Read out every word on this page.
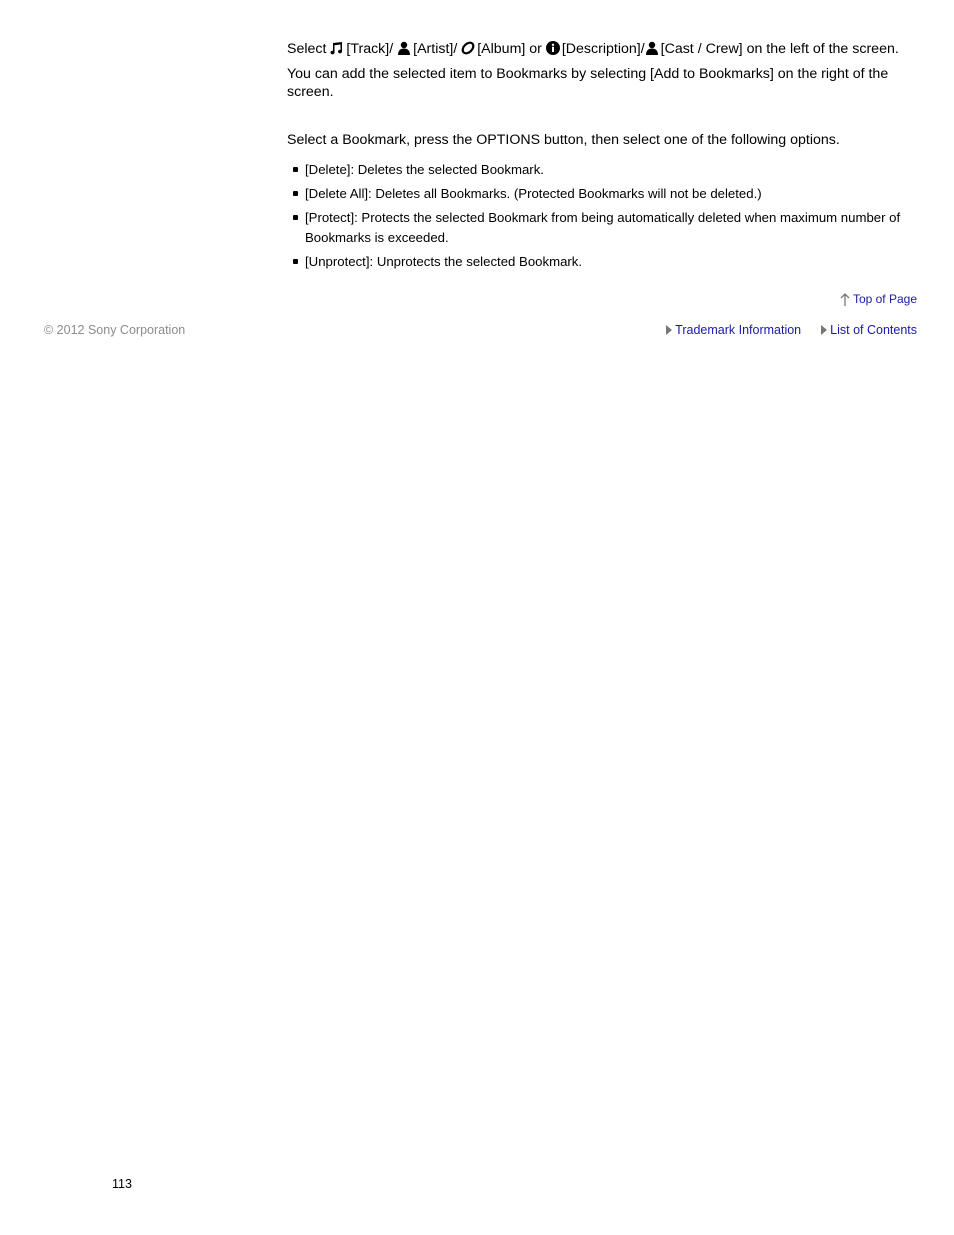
Select [Track]/ [Artist]/ [Album] or [Description]/ [Cast / Crew] on the left of the screen.

You can add the selected item to Bookmarks by selecting [Add to Bookmarks] on the right of the screen.

Select a Bookmark, press the OPTIONS button, then select one of the following options.

[Delete]: Deletes the selected Bookmark.
[Delete All]: Deletes all Bookmarks. (Protected Bookmarks will not be deleted.)
[Protect]: Protects the selected Bookmark from being automatically deleted when maximum number of Bookmarks is exceeded.
[Unprotect]: Unprotects the selected Bookmark.
Top of Page
© 2012 Sony Corporation	Trademark Information List of Contents
113
